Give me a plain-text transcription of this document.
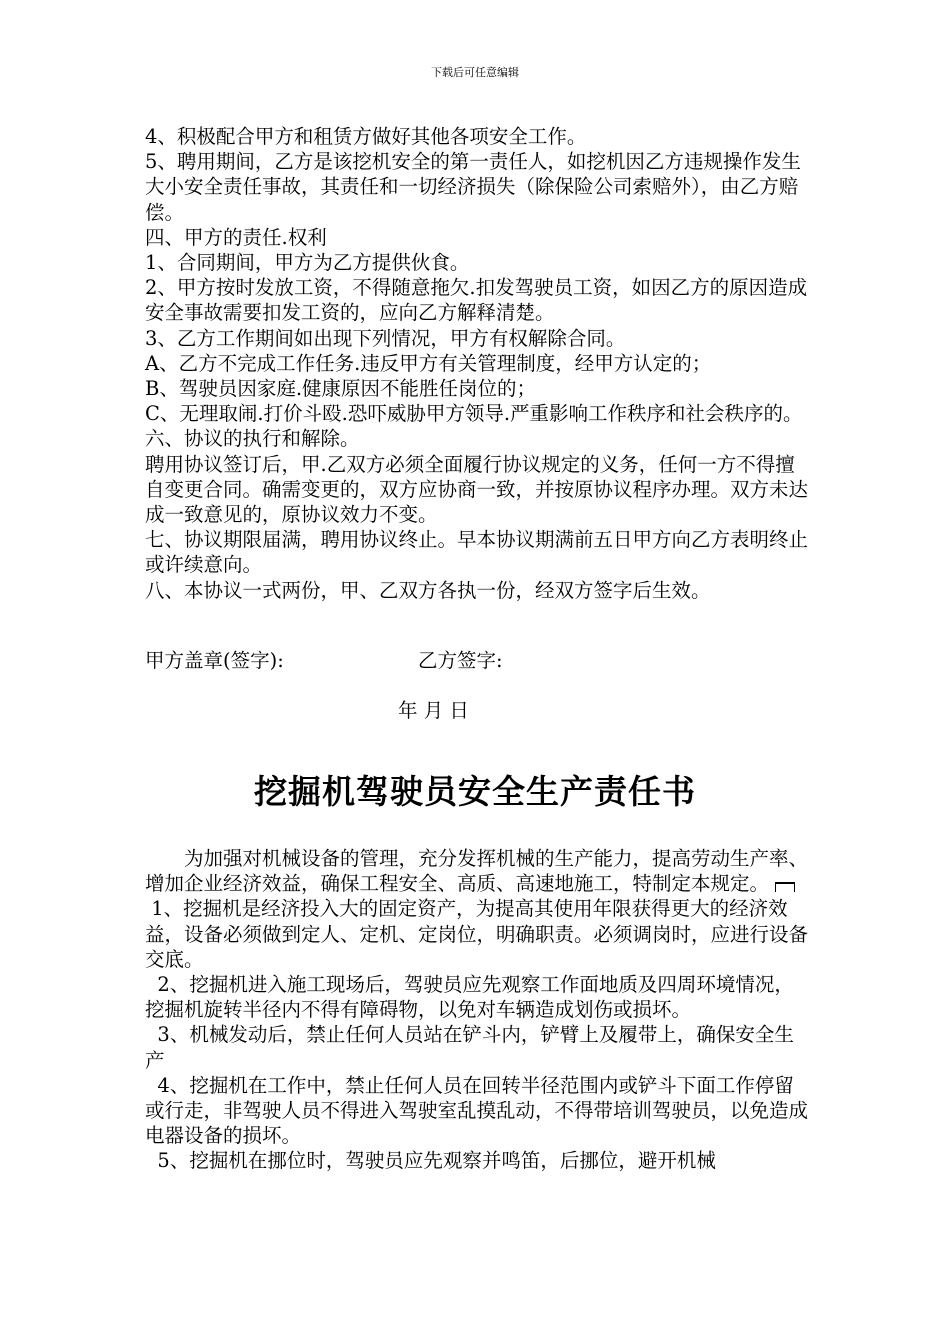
下载后可任意编辑

4、积极配合甲方和租赁方做好其他各项安全工作。

5、聘用期间，乙方是该挖机安全的第一责任人，如挖机因乙方违规操作发生大小安全责任事故，其责任和一切经济损失（除保险公司索赔外），由乙方赔偿。

四、甲方的责任.权利

1、合同期间，甲方为乙方提供伙食。

2、甲方按时发放工资，不得随意拖欠.扣发驾驶员工资，如因乙方的原因造成安全事故需要扣发工资的，应向乙方解释清楚。

3、乙方工作期间如出现下列情况，甲方有权解除合同。

A、乙方不完成工作任务.违反甲方有关管理制度，经甲方认定的；

B、驾驶员因家庭.健康原因不能胜任岗位的；

C、无理取闹.打价斗殴.恐吓威胁甲方领导.严重影响工作秩序和社会秩序的。

六、协议的执行和解除。

聘用协议签订后，甲.乙双方必须全面履行协议规定的义务，任何一方不得擅自变更合同。确需变更的，双方应协商一致，并按原协议程序办理。双方未达成一致意见的，原协议效力不变。

七、协议期限届满，聘用协议终止。早本协议期满前五日甲方向乙方表明终止或许续意向。

八、本协议一式两份，甲、乙双方各执一份，经双方签字后生效。

甲方盖章(签字):	乙方签字:
年 月 日
挖掘机驾驶员安全生产责任书

为加强对机械设备的管理，充分发挥机械的生产能力，提高劳动生产率、增加企业经济效益，确保工程安全、高质、高速地施工，特制定本规定。

1、挖掘机是经济投入大的固定资产，为提高其使用年限获得更大的经济效益，设备必须做到定人、定机、定岗位，明确职责。必须调岗时，应进行设备交底。

2、挖掘机进入施工现场后，驾驶员应先观察工作面地质及四周环境情况，挖掘机旋转半径内不得有障碍物，以免对车辆造成划伤或损坏。

3、机械发动后，禁止任何人员站在铲斗内，铲臂上及履带上，确保安全生产

4、挖掘机在工作中，禁止任何人员在回转半径范围内或铲斗下面工作停留或行走，非驾驶人员不得进入驾驶室乱摸乱动，不得带培训驾驶员，以免造成电器设备的损坏。

5、挖掘机在挪位时，驾驶员应先观察并鸣笛，后挪位，避开机械
